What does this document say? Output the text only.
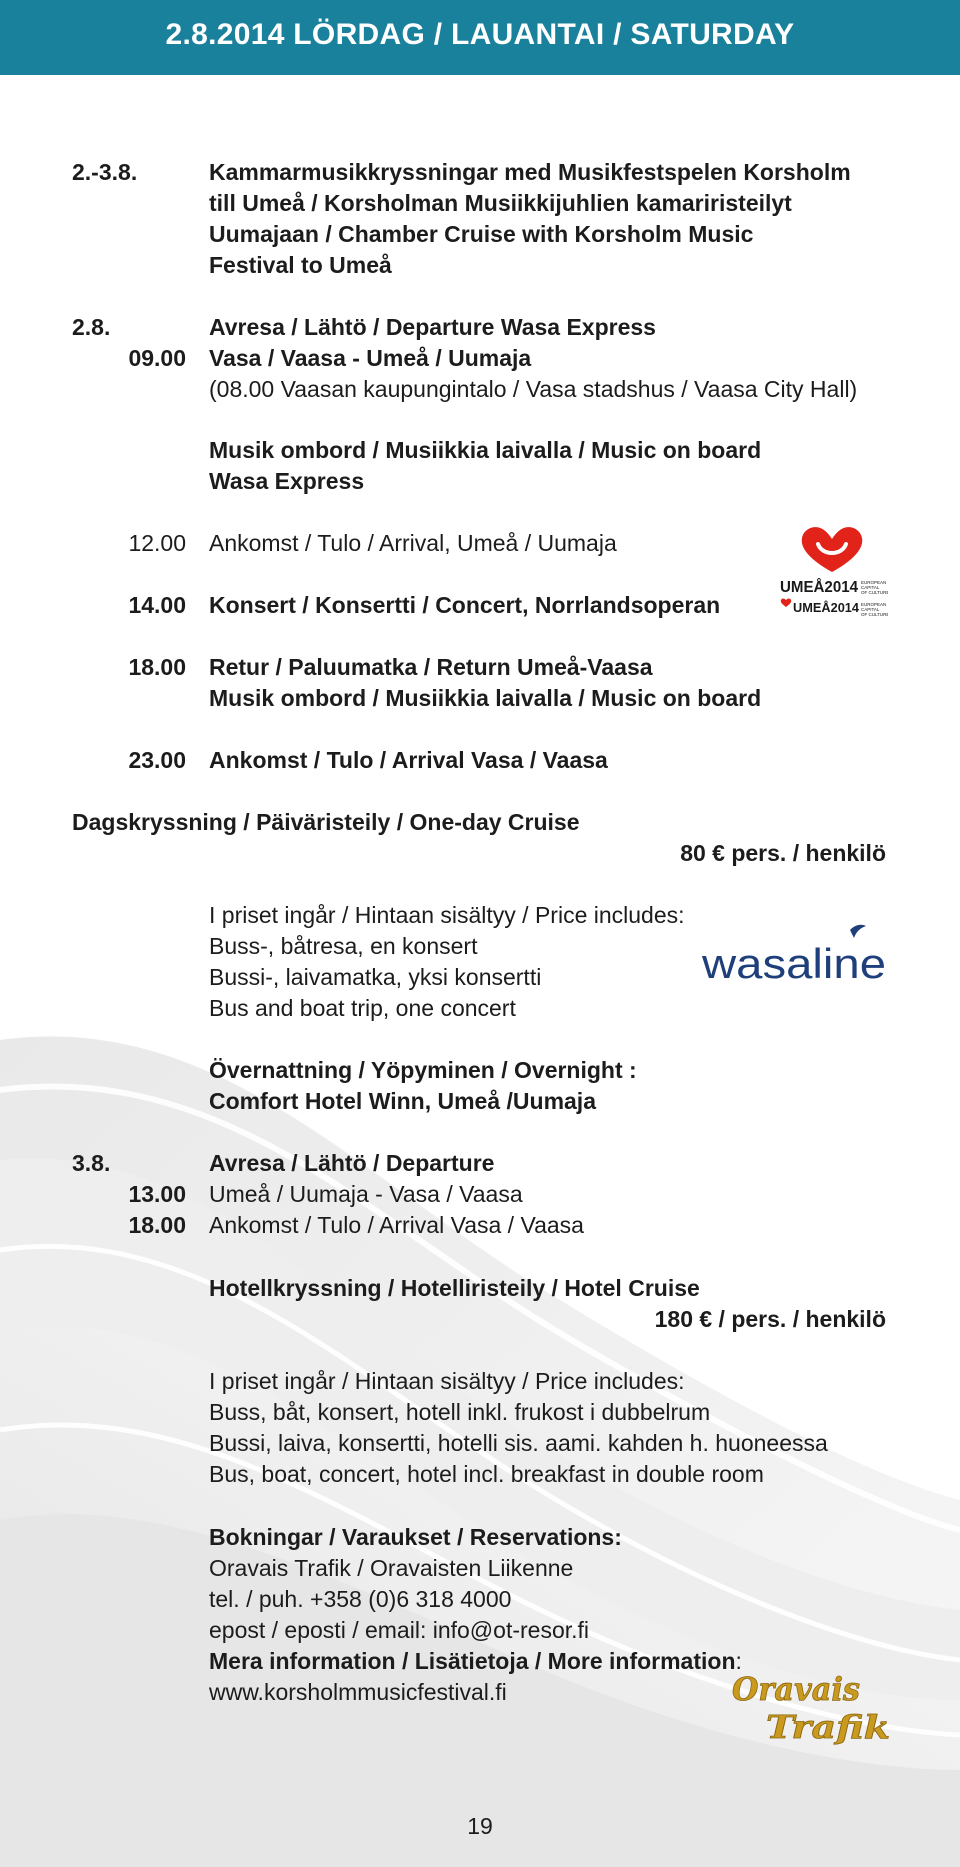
2.8.2014 LÖRDAG / LAUANTAI / SATURDAY
2.-3.8.	Kammarmusikkryssningar med Musikfestspelen Korsholm
till Umeå / Korsholman Musiikkijuhlien kamariristeilyt
Uumajaan / Chamber Cruise with Korsholm Music
Festival to Umeå
2.8.	Avresa / Lähtö / Departure Wasa Express
09.00 Vasa / Vaasa - Umeå / Uumaja
(08.00 Vaasan kaupungintalo / Vasa stadshus / Vaasa City Hall)
Musik ombord / Musiikkia laivalla / Music on board
Wasa Express
12.00 Ankomst / Tulo / Arrival, Umeå / Uumaja
14.00 Konsert / Konsertti / Concert, Norrlandsoperan
18.00 Retur / Paluumatka / Return Umeå-Vaasa
Musik ombord / Musiikkia laivalla / Music on board
23.00 Ankomst / Tulo / Arrival Vasa / Vaasa
Dagskryssning / Päiväristeily / One-day Cruise
80 € pers. / henkilö
I priset ingår / Hintaan sisältyy / Price includes:
Buss-, båtresa, en konsert
Bussi-, laivamatka, yksi konsertti
Bus and boat trip, one concert
Övernattning / Yöpyminen / Overnight :
Comfort Hotel Winn, Umeå /Uumaja
3.8.	Avresa / Lähtö / Departure
13.00 Umeå / Uumaja - Vasa / Vaasa
18.00 Ankomst / Tulo / Arrival Vasa / Vaasa
Hotellkryssning / Hotelliristeily / Hotel Cruise
180 € / pers. / henkilö
I priset ingår / Hintaan sisältyy / Price includes:
Buss, båt, konsert, hotell inkl. frukost i dubbelrum
Bussi, laiva, konsertti, hotelli sis. aami. kahden h. huoneessa
Bus, boat, concert, hotel incl. breakfast in double room
Bokningar / Varaukset / Reservations:
Oravais Trafik / Oravaisten Liikenne
tel. / puh. +358 (0)6 318 4000
epost / eposti / email: info@ot-resor.fi
Mera information / Lisätietoja / More information:
www.korsholmmusicfestival.fi
19
UMEÅ2014
EUROPEAN
CAPITAL
OF CULTURE
UMEÅ2014 EUROPEAN
CAPITAL
OF CULTURE
wasaline
Oravais
Trafik
